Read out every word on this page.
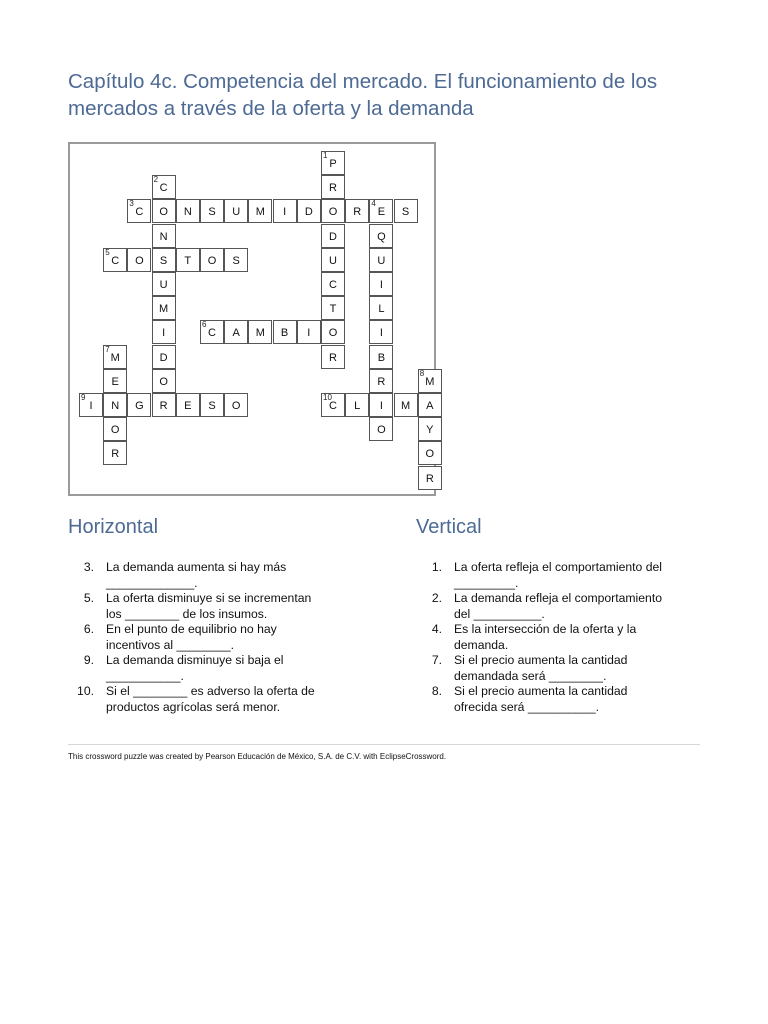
Capítulo 4c. Competencia del mercado. El funcionamiento de los mercados a través de la oferta y la demanda
1
P
2
C	R
3
C	O	N	S	U	M	I	D	O	R
4
E	S
N	D	Q
5
C	O	S	T	O	S	U	U
U	C	I
M	T	L
I
6
C	A	M	B	I	O	I
7
M	D	R	B
E	O	R
8
M
9
I	N	G	R	E	S	O
10
C	L	I	M	A
O	O	Y
R	O
R
Horizontal
3. La demanda aumenta si hay más
_____________.
5. La oferta disminuye si se incrementan
los ________ de los insumos.
6. En el punto de equilibrio no hay
incentivos al ________.
9. La demanda disminuye si baja el
___________.
10. Si el ________ es adverso la oferta de
productos agrícolas será menor.
Vertical
1. La oferta refleja el comportamiento del
_________.
2. La demanda refleja el comportamiento
del __________.
4. Es la intersección de la oferta y la
demanda.
7. Si el precio aumenta la cantidad
demandada será ________.
8. Si el precio aumenta la cantidad
ofrecida será __________.

This crossword puzzle was created by Pearson Educación de México, S.A. de C.V. with EclipseCrossword.
